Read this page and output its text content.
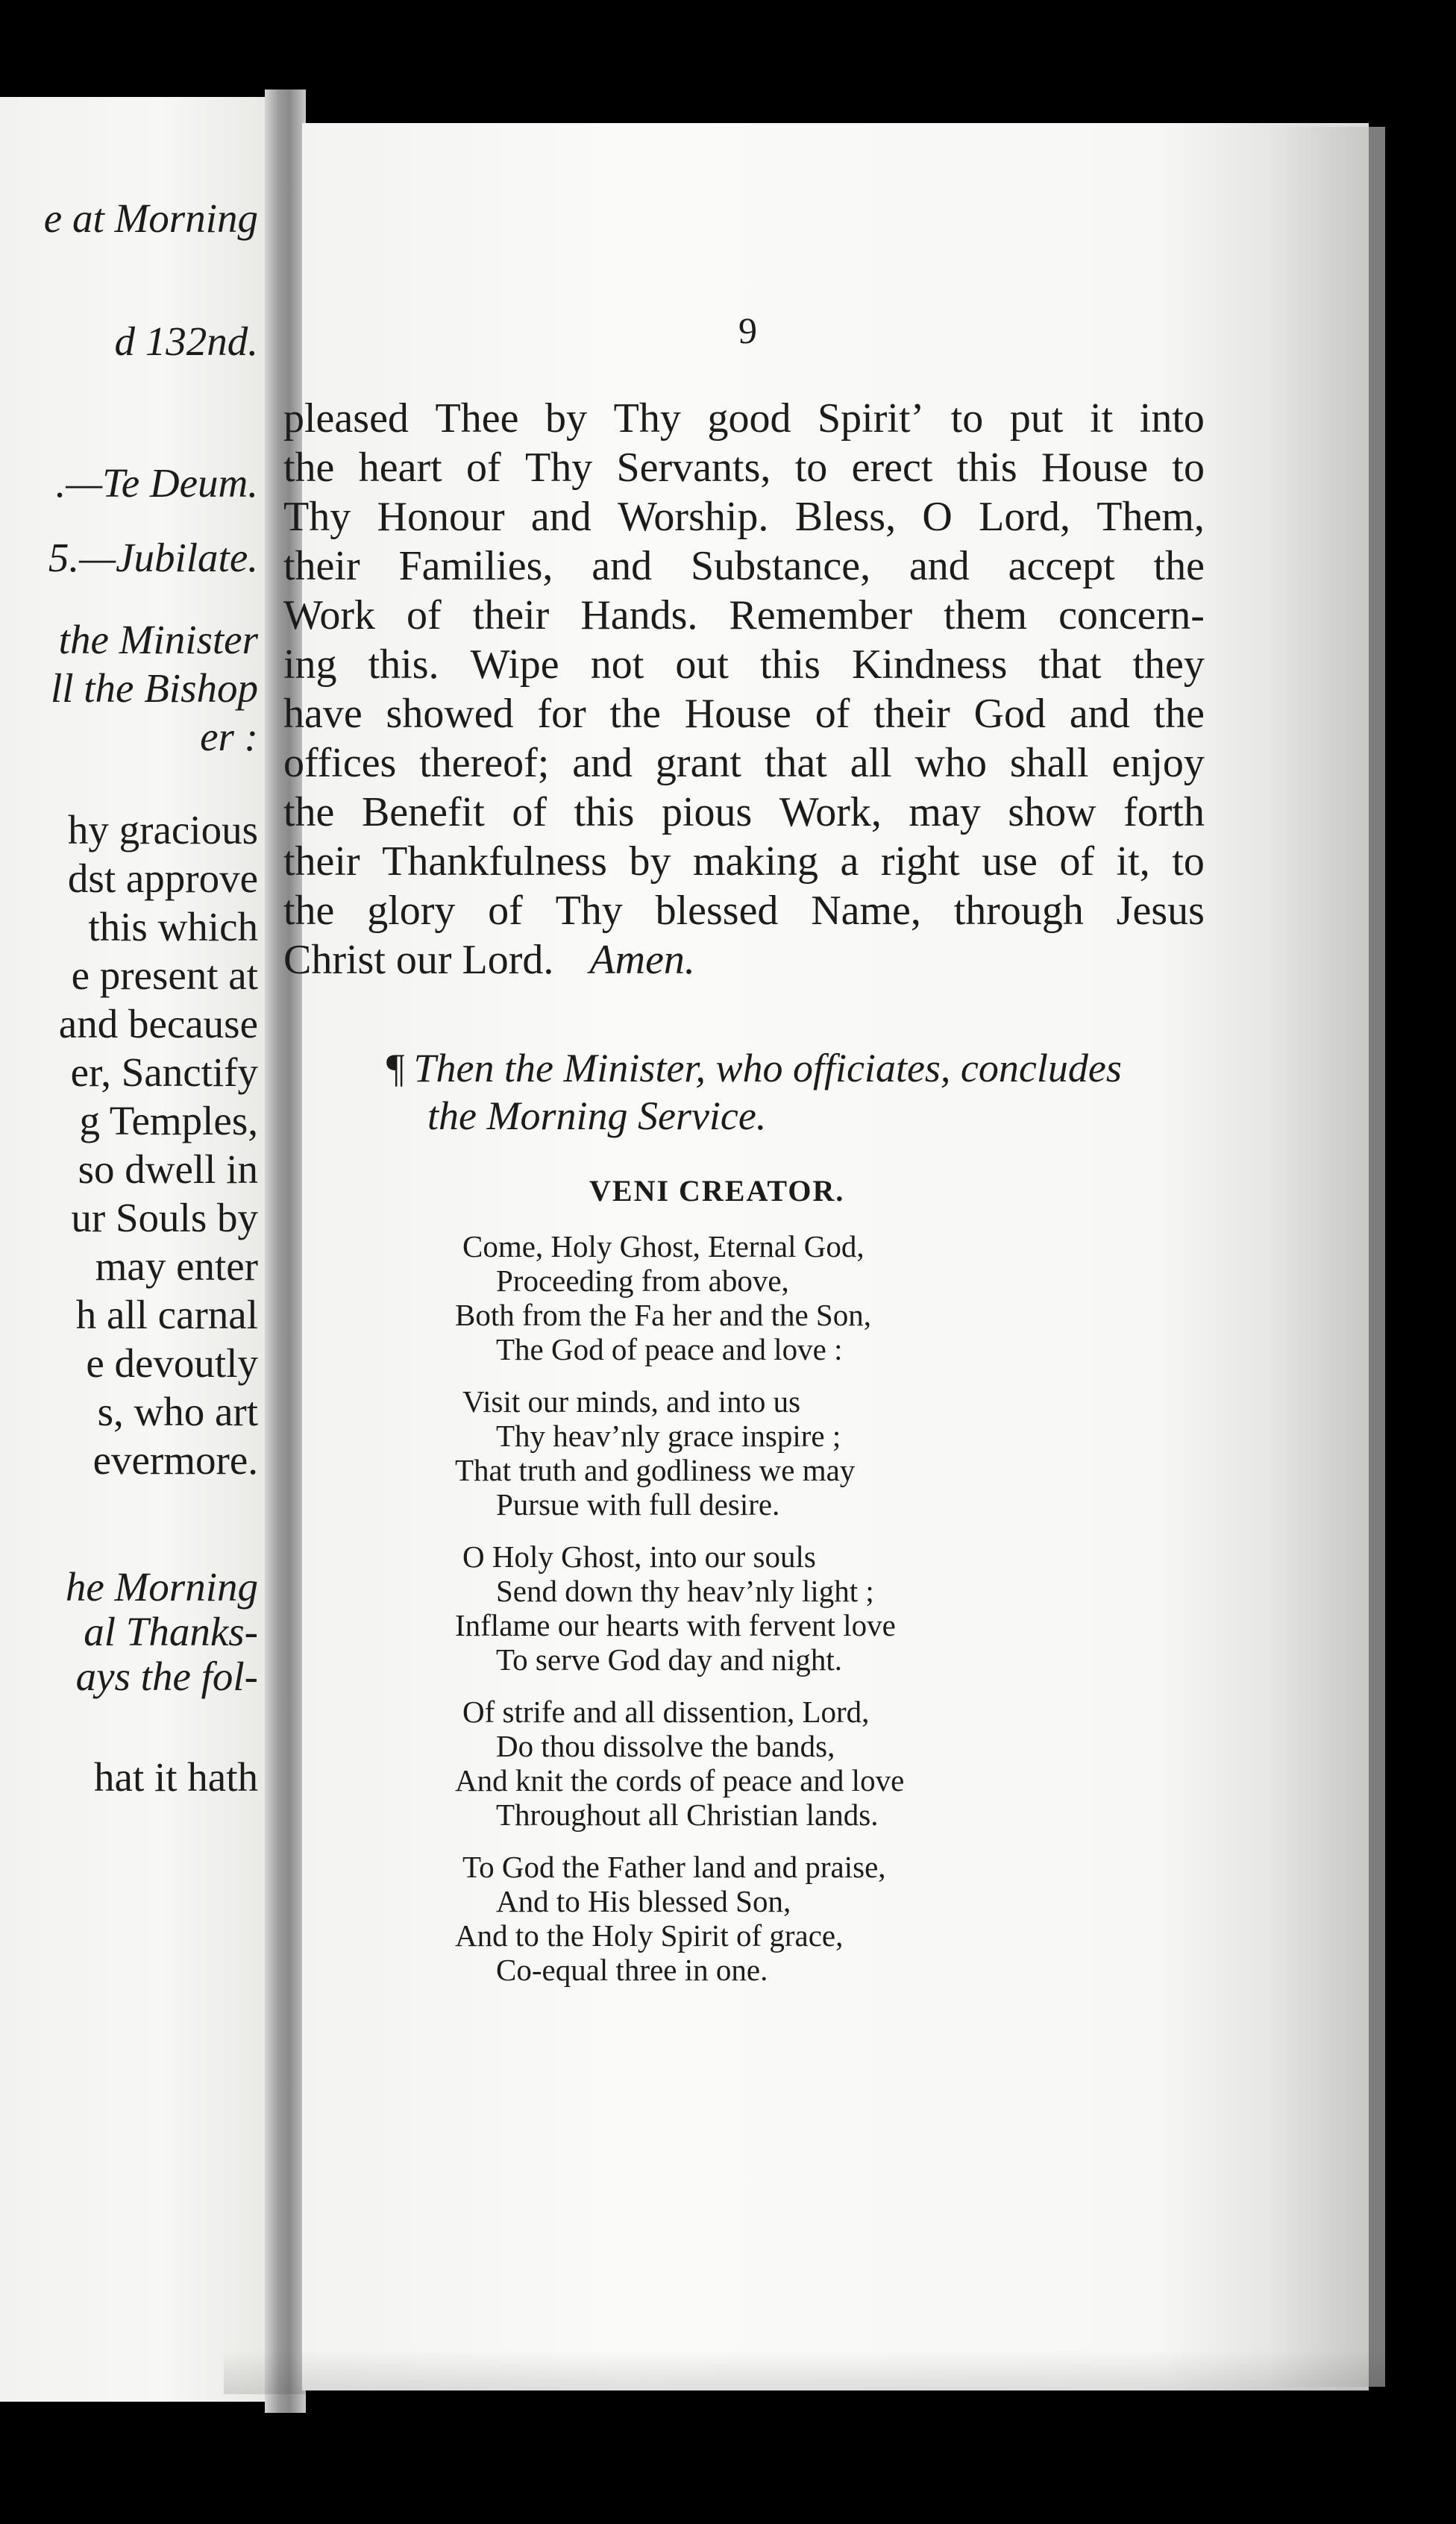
e at Morning
d 132nd.
.—Te Deum.
5.—Jubilate.
the Minister
ll the Bishop
er :
hy gracious
dst approve
this which
e present at
and because
er, Sanctify
g Temples,
so dwell in
ur Souls by
may enter
h all carnal
e devoutly
s, who art
evermore.
he Morning
al Thanks-
ays the fol-
hat it hath
9
pleased Thee by Thy good Spirit’ to put it into
the heart of Thy Servants, to erect this House to
Thy Honour and Worship. Bless, O Lord, Them,
their Families, and Substance, and accept the
Work of their Hands. Remember them concern-
ing this. Wipe not out this Kindness that they
have showed for the House of their God and the
offices thereof; and grant that all who shall enjoy
the Benefit of this pious Work, may show forth
their Thankfulness by making a right use of it, to
the glory of Thy blessed Name, through Jesus
Christ our Lord. Amen.
¶ Then the Minister, who officiates, concludes
the Morning Service.
VENI CREATOR.
Come, Holy Ghost, Eternal God,
Proceeding from above,
Both from the Fa her and the Son,
The God of peace and love :
Visit our minds, and into us
Thy heav’nly grace inspire ;
That truth and godliness we may
Pursue with full desire.
O Holy Ghost, into our souls
Send down thy heav’nly light ;
Inflame our hearts with fervent love
To serve God day and night.
Of strife and all dissention, Lord,
Do thou dissolve the bands,
And knit the cords of peace and love
Throughout all Christian lands.
To God the Father land and praise,
And to His blessed Son,
And to the Holy Spirit of grace,
Co-equal three in one.
